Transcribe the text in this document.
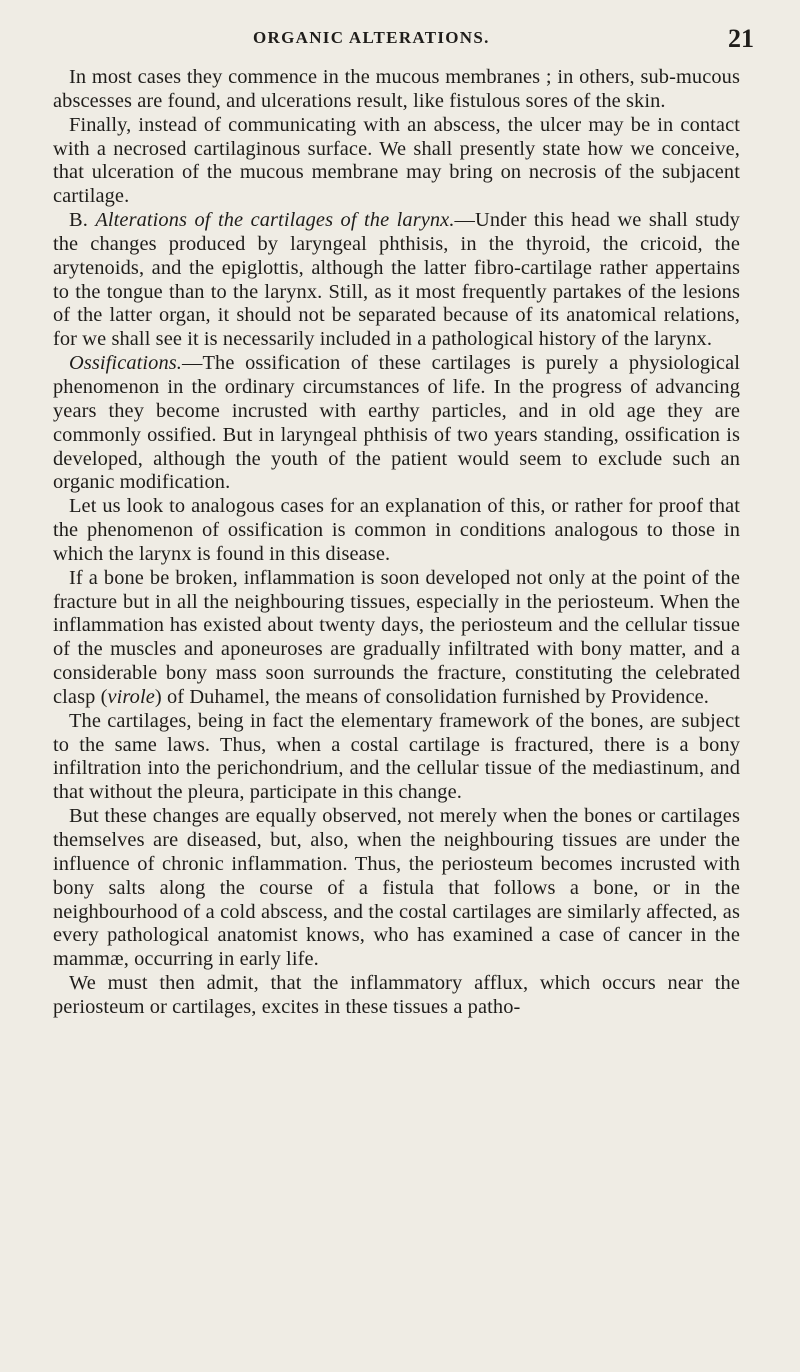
ORGANIC ALTERATIONS.	21

In most cases they commence in the mucous membranes ; in others, sub-mucous abscesses are found, and ulcerations result, like fistulous sores of the skin.

Finally, instead of communicating with an abscess, the ulcer may be in contact with a necrosed cartilaginous surface. We shall presently state how we conceive, that ulceration of the mucous membrane may bring on necrosis of the subjacent cartilage.

B. Alterations of the cartilages of the larynx.—Under this head we shall study the changes produced by laryngeal phthisis, in the thyroid, the cricoid, the arytenoids, and the epiglottis, although the latter fibro-cartilage rather appertains to the tongue than to the larynx. Still, as it most frequently partakes of the lesions of the latter organ, it should not be separated because of its anatomical relations, for we shall see it is necessarily included in a pathological history of the larynx.

Ossifications.—The ossification of these cartilages is purely a physiological phenomenon in the ordinary circumstances of life. In the progress of advancing years they become incrusted with earthy particles, and in old age they are commonly ossified. But in laryngeal phthisis of two years standing, ossification is developed, although the youth of the patient would seem to exclude such an organic modification.

Let us look to analogous cases for an explanation of this, or rather for proof that the phenomenon of ossification is common in conditions analogous to those in which the larynx is found in this disease.

If a bone be broken, inflammation is soon developed not only at the point of the fracture but in all the neighbouring tissues, especially in the periosteum. When the inflammation has existed about twenty days, the periosteum and the cellular tissue of the muscles and aponeuroses are gradually infiltrated with bony matter, and a considerable bony mass soon surrounds the fracture, constituting the celebrated clasp (virole) of Duhamel, the means of consolidation furnished by Providence.

The cartilages, being in fact the elementary framework of the bones, are subject to the same laws. Thus, when a costal cartilage is fractured, there is a bony infiltration into the perichondrium, and the cellular tissue of the mediastinum, and that without the pleura, participate in this change.

But these changes are equally observed, not merely when the bones or cartilages themselves are diseased, but, also, when the neighbouring tissues are under the influence of chronic inflammation. Thus, the periosteum becomes incrusted with bony salts along the course of a fistula that follows a bone, or in the neighbourhood of a cold abscess, and the costal cartilages are similarly affected, as every pathological anatomist knows, who has examined a case of cancer in the mammæ, occurring in early life.

We must then admit, that the inflammatory afflux, which occurs near the periosteum or cartilages, excites in these tissues a patho-
